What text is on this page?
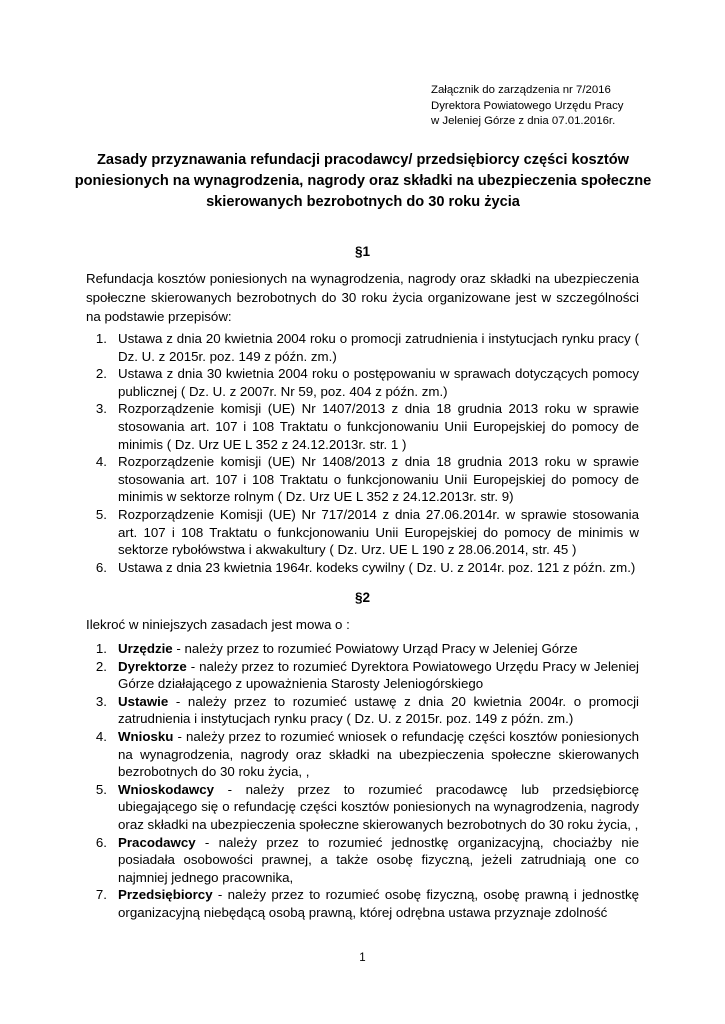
Załącznik do zarządzenia nr 7/2016
Dyrektora Powiatowego Urzędu Pracy
w Jeleniej Górze z dnia 07.01.2016r.
Zasady przyznawania refundacji pracodawcy/ przedsiębiorcy części kosztów poniesionych na wynagrodzenia, nagrody oraz składki na ubezpieczenia społeczne skierowanych bezrobotnych do 30 roku życia
§1
Refundacja kosztów poniesionych na wynagrodzenia, nagrody oraz składki na ubezpieczenia społeczne skierowanych bezrobotnych do 30 roku życia organizowane jest w szczególności na podstawie przepisów:
1. Ustawa z dnia 20 kwietnia 2004 roku o promocji zatrudnienia i instytucjach rynku pracy ( Dz. U. z 2015r. poz. 149 z późn. zm.)
2. Ustawa z dnia 30 kwietnia 2004 roku o postępowaniu w sprawach dotyczących pomocy publicznej ( Dz. U. z 2007r. Nr 59, poz. 404 z późn. zm.)
3. Rozporządzenie komisji (UE) Nr 1407/2013 z dnia 18 grudnia 2013 roku w sprawie stosowania art. 107 i 108 Traktatu o funkcjonowaniu Unii Europejskiej do pomocy de minimis ( Dz. Urz UE L 352 z 24.12.2013r. str. 1 )
4. Rozporządzenie komisji (UE) Nr 1408/2013 z dnia 18 grudnia 2013 roku w sprawie stosowania art. 107 i 108 Traktatu o funkcjonowaniu Unii Europejskiej do pomocy de minimis w sektorze rolnym ( Dz. Urz UE L 352 z 24.12.2013r. str. 9)
5. Rozporządzenie Komisji (UE) Nr 717/2014 z dnia 27.06.2014r. w sprawie stosowania art. 107 i 108 Traktatu o funkcjonowaniu Unii Europejskiej do pomocy de minimis w sektorze rybołówstwa i akwakultury ( Dz. Urz. UE L 190 z 28.06.2014, str. 45 )
6. Ustawa z dnia 23 kwietnia 1964r. kodeks cywilny ( Dz. U. z 2014r. poz. 121 z późn. zm.)
§2
Ilekroć w niniejszych zasadach jest mowa o :
1. Urzędzie - należy przez to rozumieć Powiatowy Urząd Pracy w Jeleniej Górze
2. Dyrektorze - należy przez to rozumieć Dyrektora Powiatowego Urzędu Pracy w Jeleniej Górze działającego z upoważnienia Starosty Jeleniogórskiego
3. Ustawie - należy przez to rozumieć ustawę z dnia 20 kwietnia 2004r. o promocji zatrudnienia i instytucjach rynku pracy ( Dz. U. z 2015r. poz. 149 z późn. zm.)
4. Wniosku - należy przez to rozumieć wniosek o refundację części kosztów poniesionych na wynagrodzenia, nagrody oraz składki na ubezpieczenia społeczne skierowanych bezrobotnych do 30 roku życia, ,
5. Wnioskodawcy - należy przez to rozumieć pracodawcę lub przedsiębiorcę ubiegającego się o refundację części kosztów poniesionych na wynagrodzenia, nagrody oraz składki na ubezpieczenia społeczne skierowanych bezrobotnych do 30 roku życia, ,
6. Pracodawcy - należy przez to rozumieć jednostkę organizacyjną, chociażby nie posiadała osobowości prawnej, a także osobę fizyczną, jeżeli zatrudniają one co najmniej jednego pracownika,
7. Przedsiębiorcy - należy przez to rozumieć osobę fizyczną, osobę prawną i jednostkę organizacyjną niebędącą osobą prawną, której odrębna ustawa przyznaje zdolność
1
